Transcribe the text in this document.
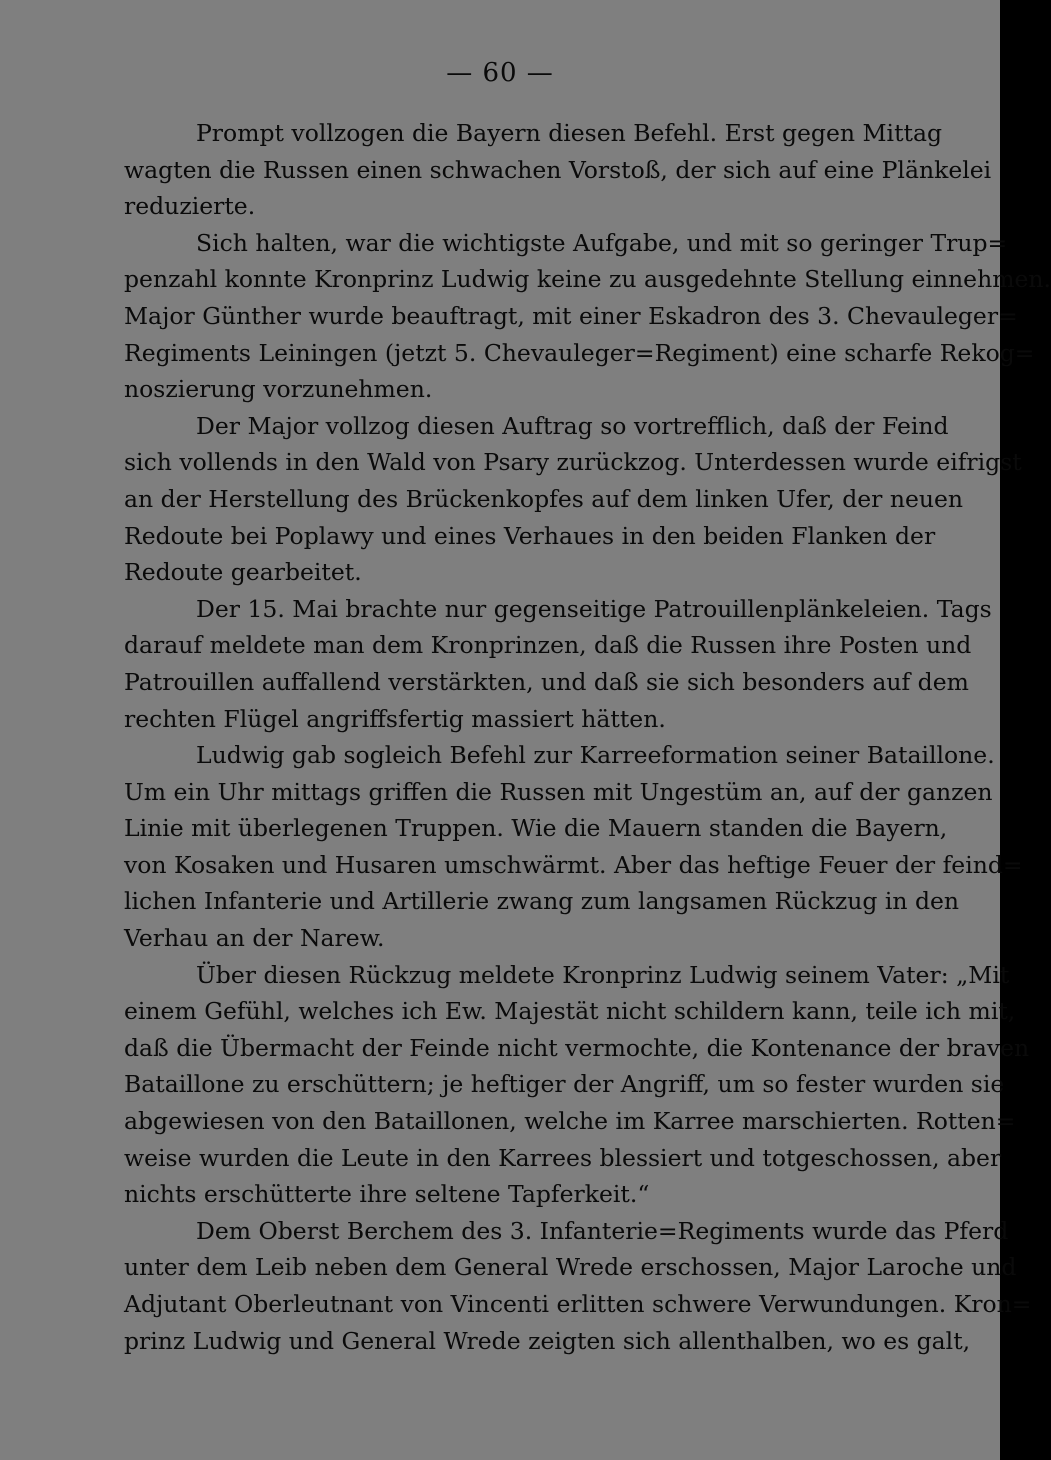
— 60 —
Prompt vollzogen die Bayern diesen Befehl. Erst gegen Mittag
wagten die Russen einen schwachen Vorstoß, der sich auf eine Plänkelei
reduzierte.
Sich halten, war die wichtigste Aufgabe, und mit so geringer Trup=
penzahl konnte Kronprinz Ludwig keine zu ausgedehnte Stellung einnehmen.
Major Günther wurde beauftragt, mit einer Eskadron des 3. Chevauleger=
Regiments Leiningen (jetzt 5. Chevauleger=Regiment) eine scharfe Rekog=
noszierung vorzunehmen.
Der Major vollzog diesen Auftrag so vortrefflich, daß der Feind
sich vollends in den Wald von Psary zurückzog. Unterdessen wurde eifrigst
an der Herstellung des Brückenkopfes auf dem linken Ufer, der neuen
Redoute bei Poplawy und eines Verhaues in den beiden Flanken der
Redoute gearbeitet.
Der 15. Mai brachte nur gegenseitige Patrouillenplänkeleien. Tags
darauf meldete man dem Kronprinzen, daß die Russen ihre Posten und
Patrouillen auffallend verstärkten, und daß sie sich besonders auf dem
rechten Flügel angriffsfertig massiert hätten.
Ludwig gab sogleich Befehl zur Karreeformation seiner Bataillone.
Um ein Uhr mittags griffen die Russen mit Ungestüm an, auf der ganzen
Linie mit überlegenen Truppen. Wie die Mauern standen die Bayern,
von Kosaken und Husaren umschwärmt. Aber das heftige Feuer der feind=
lichen Infanterie und Artillerie zwang zum langsamen Rückzug in den
Verhau an der Narew.
Über diesen Rückzug meldete Kronprinz Ludwig seinem Vater: „Mit
einem Gefühl, welches ich Ew. Majestät nicht schildern kann, teile ich mit,
daß die Übermacht der Feinde nicht vermochte, die Kontenance der braven
Bataillone zu erschüttern; je heftiger der Angriff, um so fester wurden sie
abgewiesen von den Bataillonen, welche im Karree marschierten. Rotten=
weise wurden die Leute in den Karrees blessiert und totgeschossen, aber
nichts erschütterte ihre seltene Tapferkeit.“
Dem Oberst Berchem des 3. Infanterie=Regiments wurde das Pferd
unter dem Leib neben dem General Wrede erschossen, Major Laroche und
Adjutant Oberleutnant von Vincenti erlitten schwere Verwundungen. Kron=
prinz Ludwig und General Wrede zeigten sich allenthalben, wo es galt,
